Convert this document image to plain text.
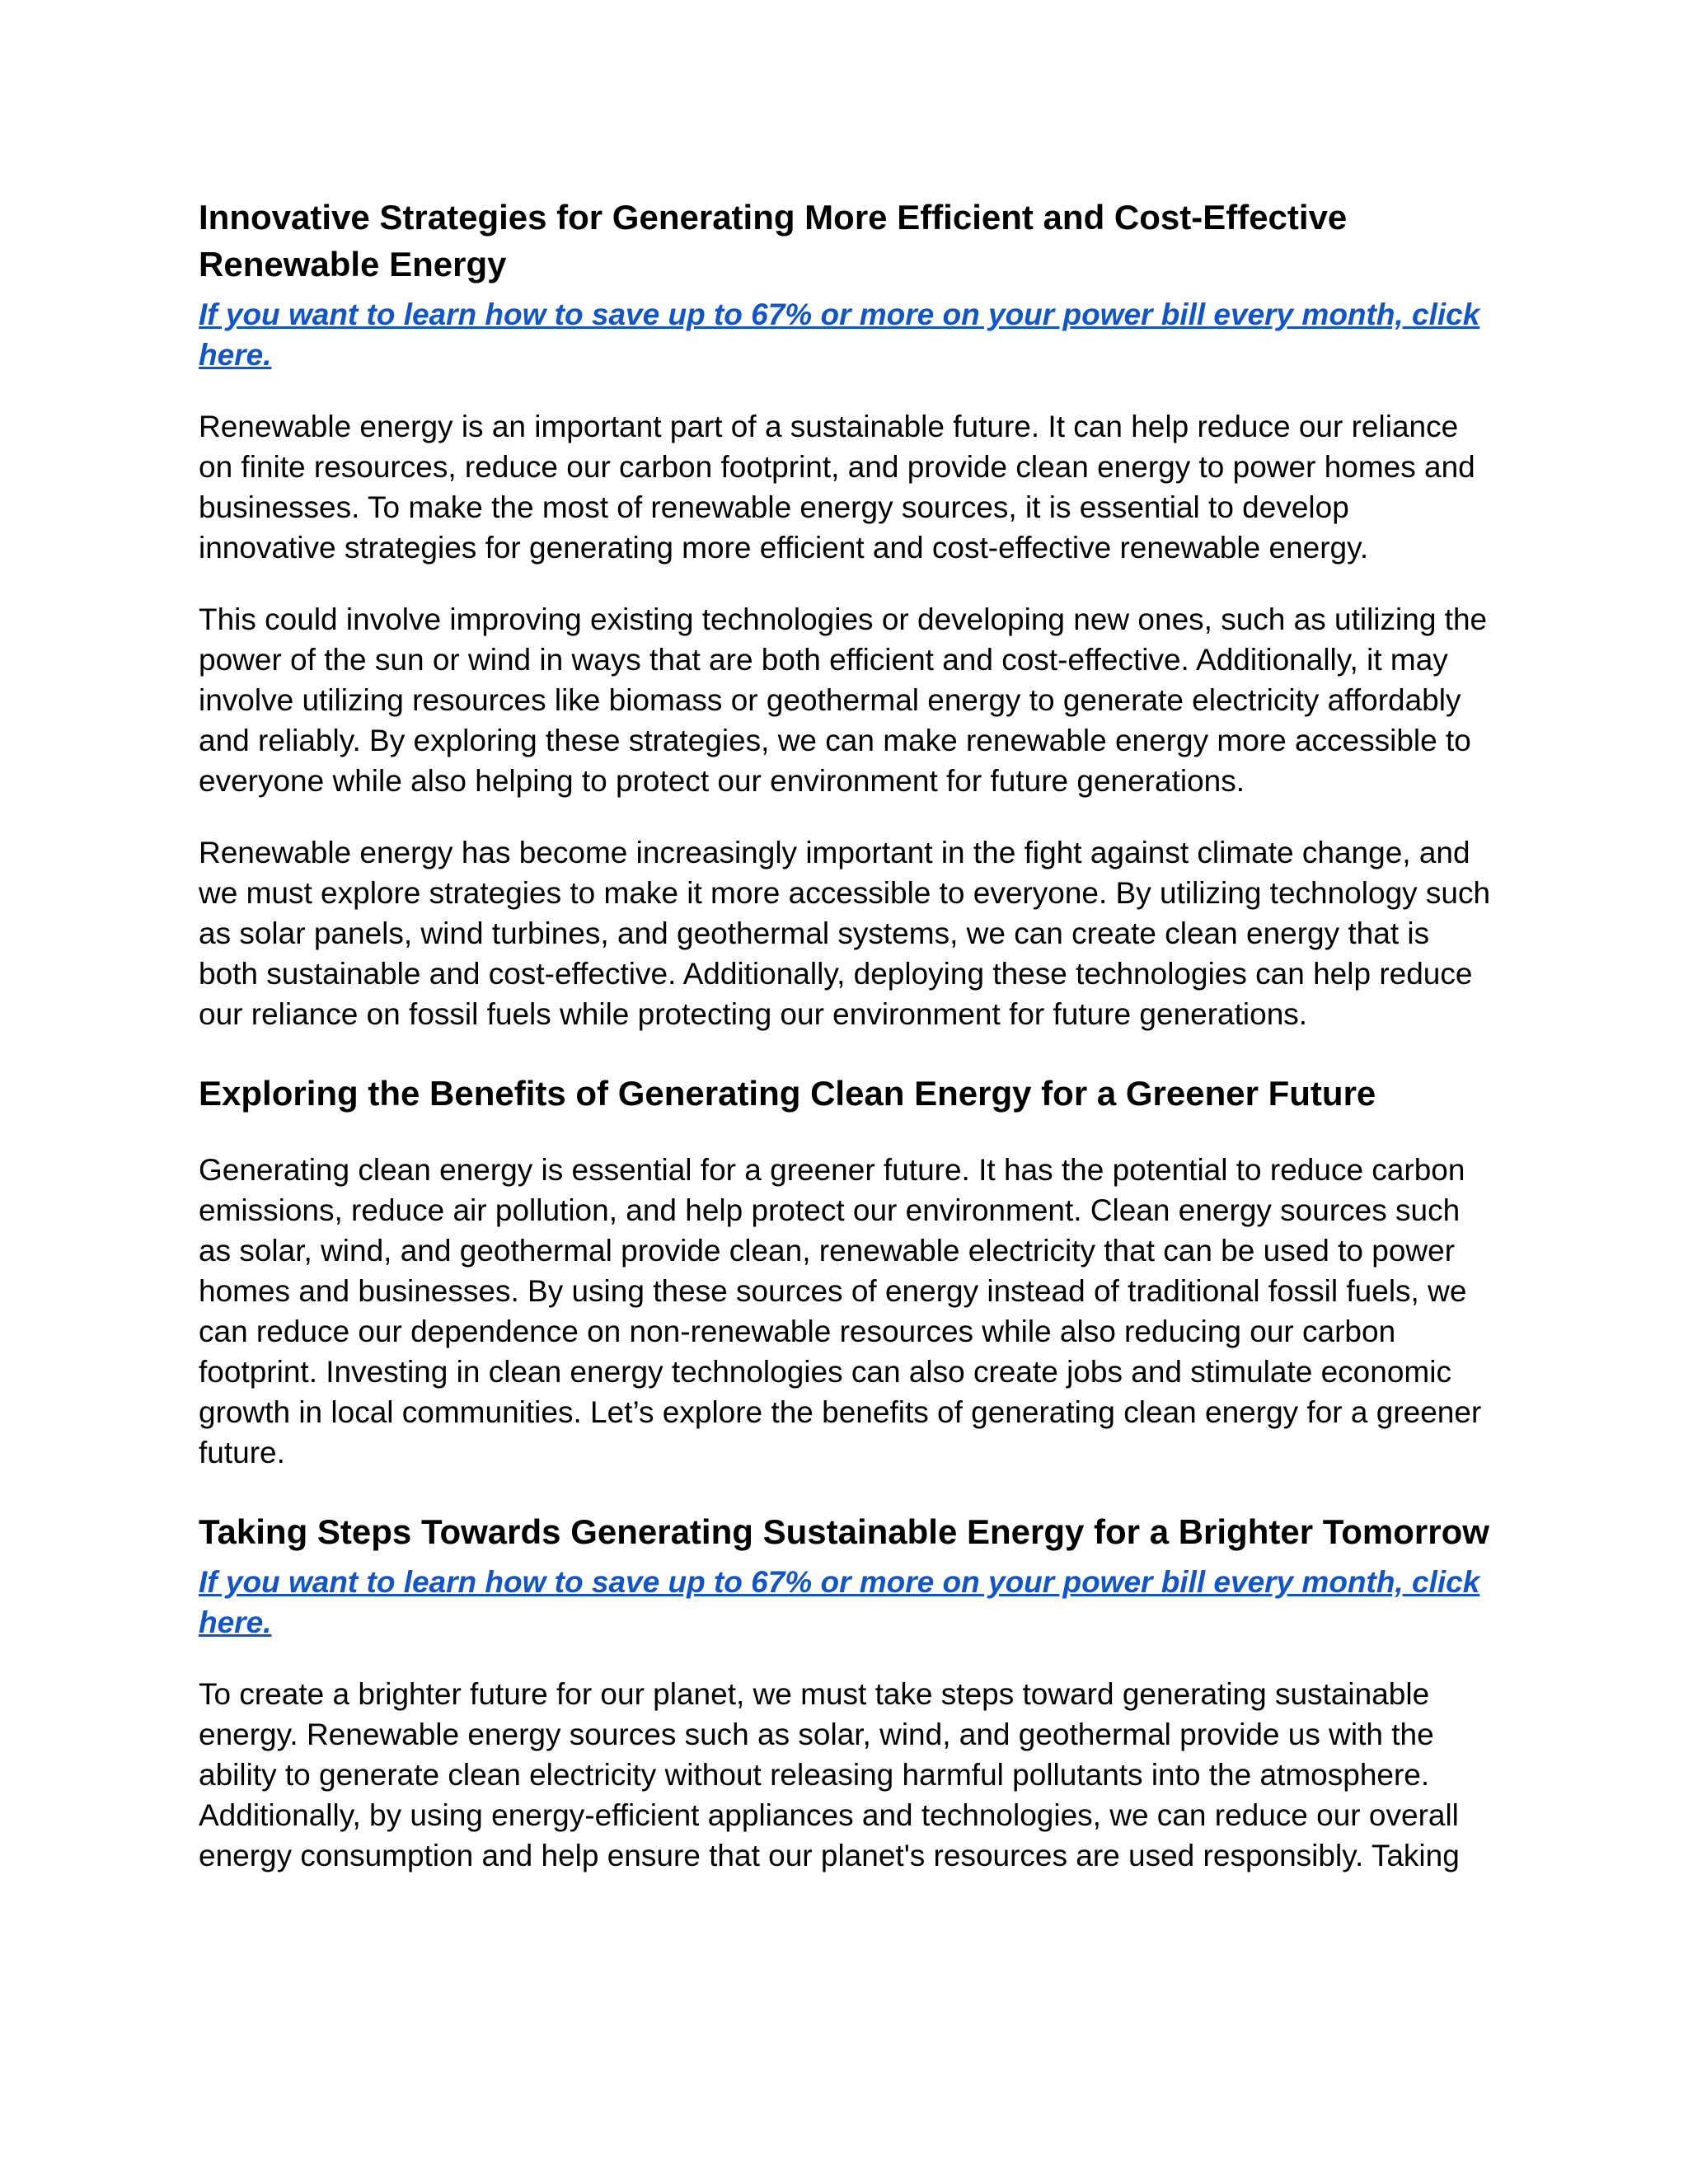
Innovative Strategies for Generating More Efficient and Cost-Effective Renewable Energy
If you want to learn how to save up to 67% or more on your power bill every month, click here.

Renewable energy is an important part of a sustainable future. It can help reduce our reliance on finite resources, reduce our carbon footprint, and provide clean energy to power homes and businesses. To make the most of renewable energy sources, it is essential to develop innovative strategies for generating more efficient and cost-effective renewable energy.

This could involve improving existing technologies or developing new ones, such as utilizing the power of the sun or wind in ways that are both efficient and cost-effective. Additionally, it may involve utilizing resources like biomass or geothermal energy to generate electricity affordably and reliably. By exploring these strategies, we can make renewable energy more accessible to everyone while also helping to protect our environment for future generations.

Renewable energy has become increasingly important in the fight against climate change, and we must explore strategies to make it more accessible to everyone. By utilizing technology such as solar panels, wind turbines, and geothermal systems, we can create clean energy that is both sustainable and cost-effective. Additionally, deploying these technologies can help reduce our reliance on fossil fuels while protecting our environment for future generations.

Exploring the Benefits of Generating Clean Energy for a Greener Future

Generating clean energy is essential for a greener future. It has the potential to reduce carbon emissions, reduce air pollution, and help protect our environment. Clean energy sources such as solar, wind, and geothermal provide clean, renewable electricity that can be used to power homes and businesses. By using these sources of energy instead of traditional fossil fuels, we can reduce our dependence on non-renewable resources while also reducing our carbon footprint. Investing in clean energy technologies can also create jobs and stimulate economic growth in local communities. Let’s explore the benefits of generating clean energy for a greener future.

Taking Steps Towards Generating Sustainable Energy for a Brighter Tomorrow
If you want to learn how to save up to 67% or more on your power bill every month, click here.

To create a brighter future for our planet, we must take steps toward generating sustainable energy. Renewable energy sources such as solar, wind, and geothermal provide us with the ability to generate clean electricity without releasing harmful pollutants into the atmosphere. Additionally, by using energy-efficient appliances and technologies, we can reduce our overall energy consumption and help ensure that our planet's resources are used responsibly. Taking
